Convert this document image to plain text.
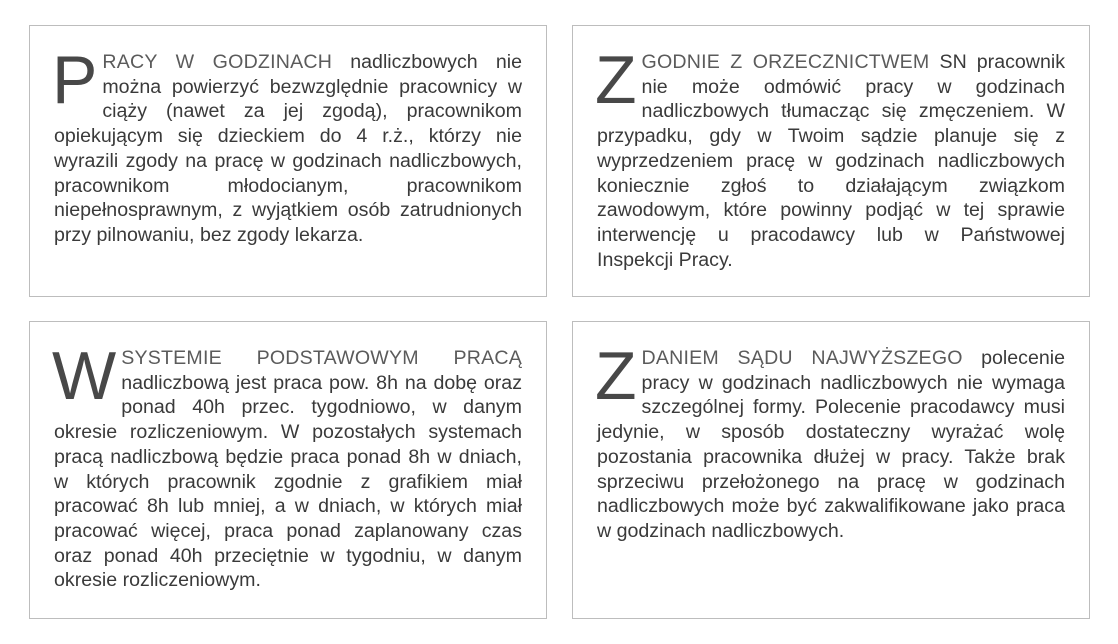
PRACY W GODZINACH nadliczbowych nie można powierzyć bezwzględnie pracownicy w ciąży (nawet za jej zgodą), pracownikom opiekującym się dzieckiem do 4 r.ż., którzy nie wyrazili zgody na pracę w godzinach nadliczbowych, pracownikom młodocianym, pracownikom niepełnosprawnym, z wyjątkiem osób zatrudnionych przy pilnowaniu, bez zgody lekarza.

ZGODNIE Z ORZECZNICTWEM SN pracownik nie może odmówić pracy w godzinach nadliczbowych tłumacząc się zmęczeniem. W przypadku, gdy w Twoim sądzie planuje się z wyprzedzeniem pracę w godzinach nadliczbowych koniecznie zgłoś to działającym związkom zawodowym, które powinny podjąć w tej sprawie interwencję u pracodawcy lub w Państwowej Inspekcji Pracy.

WSYSTEMIE PODSTAWOWYM PRACĄ nadliczbową jest praca pow. 8h na dobę oraz ponad 40h przec. tygodniowo, w danym okresie rozliczeniowym. W pozostałych systemach pracą nadliczbową będzie praca ponad 8h w dniach, w których pracownik zgodnie z grafikiem miał pracować 8h lub mniej, a w dniach, w których miał pracować więcej, praca ponad zaplanowany czas oraz ponad 40h przeciętnie w tygodniu, w danym okresie rozliczeniowym.

ZDANIEM SĄDU NAJWYŻSZEGO polecenie pracy w godzinach nadliczbowych nie wymaga szczególnej formy. Polecenie pracodawcy musi jedynie, w sposób dostateczny wyrażać wolę pozostania pracownika dłużej w pracy. Także brak sprzeciwu przełożonego na pracę w godzinach nadliczbowych może być zakwalifikowane jako praca w godzinach nadliczbowych.
